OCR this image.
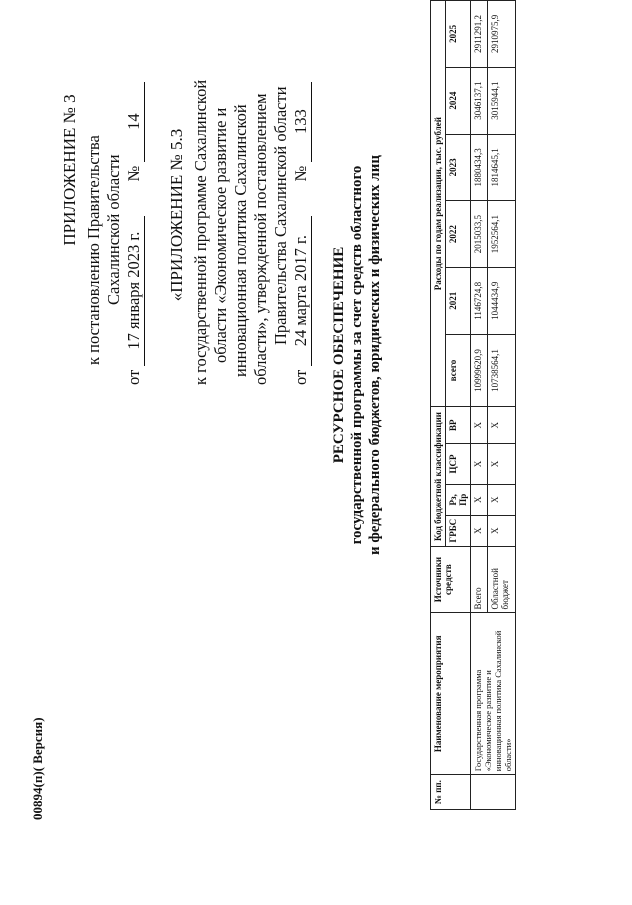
ПРИЛОЖЕНИЕ № 3 к постановлению Правительства Сахалинской области
от 17 января 2023 г. № 14
«ПРИЛОЖЕНИЕ № 5.3 к государственной программе Сахалинской области «Экономическое развитие и инновационная политика Сахалинской области», утвержденной постановлением Правительства Сахалинской области
от 24 марта 2017 г. № 133
РЕСУРСНОЕ ОБЕСПЕЧЕНИЕ государственной программы за счет средств областного и федерального бюджетов, юридических и физических лиц
№ пп.	Наименование мероприятия	Источники средств	Код бюджетной классификации				Расходы по годам реализации, тыс. рублей					
			ГРБС	Рз, Пр	ЦСР	ВР	всего	2021	2022	2023	2024	2025
	Государственная программа «Экономическое развитие и инновационная политика Сахалинской области»	Всего	Х	Х	Х	Х	10999620,9	1146724,8	2015033,5	1880434,3	3046137,1	2911291,2
		Областной бюджет	Х	Х	Х	Х	10738564,1	1044434,9	1952564,1	1814645,1	3015944,1	2910975,9
00894(п)( Версия)
